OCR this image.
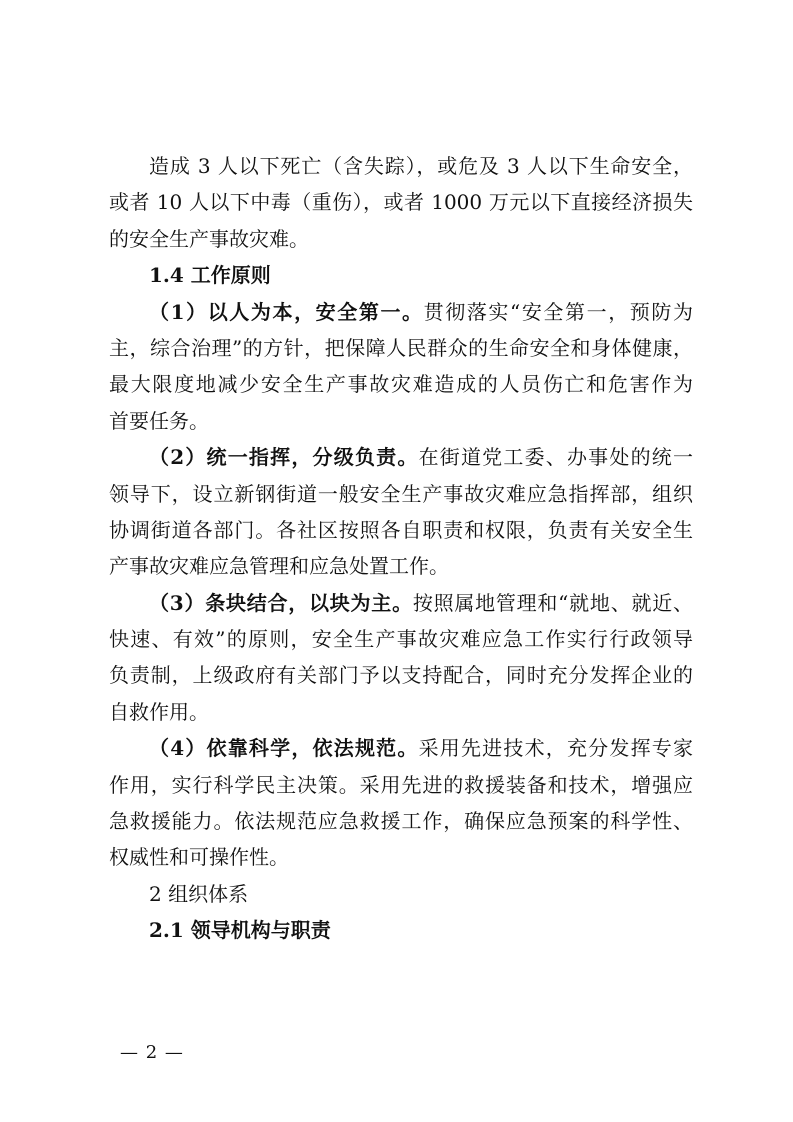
造成 3 人以下死亡（含失踪），或危及 3 人以下生命安全，
或者 10 人以下中毒（重伤），或者 1000 万元以下直接经济损失
的安全生产事故灾难。
1.4 工作原则
（1）以人为本，安全第一。贯彻落实“安全第一，预防为
主，综合治理”的方针，把保障人民群众的生命安全和身体健康，
最大限度地减少安全生产事故灾难造成的人员伤亡和危害作为
首要任务。
（2）统一指挥，分级负责。在街道党工委、办事处的统一
领导下，设立新钢街道一般安全生产事故灾难应急指挥部，组织
协调街道各部门。各社区按照各自职责和权限，负责有关安全生
产事故灾难应急管理和应急处置工作。
（3）条块结合，以块为主。按照属地管理和“就地、就近、
快速、有效”的原则，安全生产事故灾难应急工作实行行政领导
负责制，上级政府有关部门予以支持配合，同时充分发挥企业的
自救作用。
（4）依靠科学，依法规范。采用先进技术，充分发挥专家
作用，实行科学民主决策。采用先进的救援装备和技术，增强应
急救援能力。依法规范应急救援工作，确保应急预案的科学性、
权威性和可操作性。
2 组织体系
2.1 领导机构与职责
— 2 —
